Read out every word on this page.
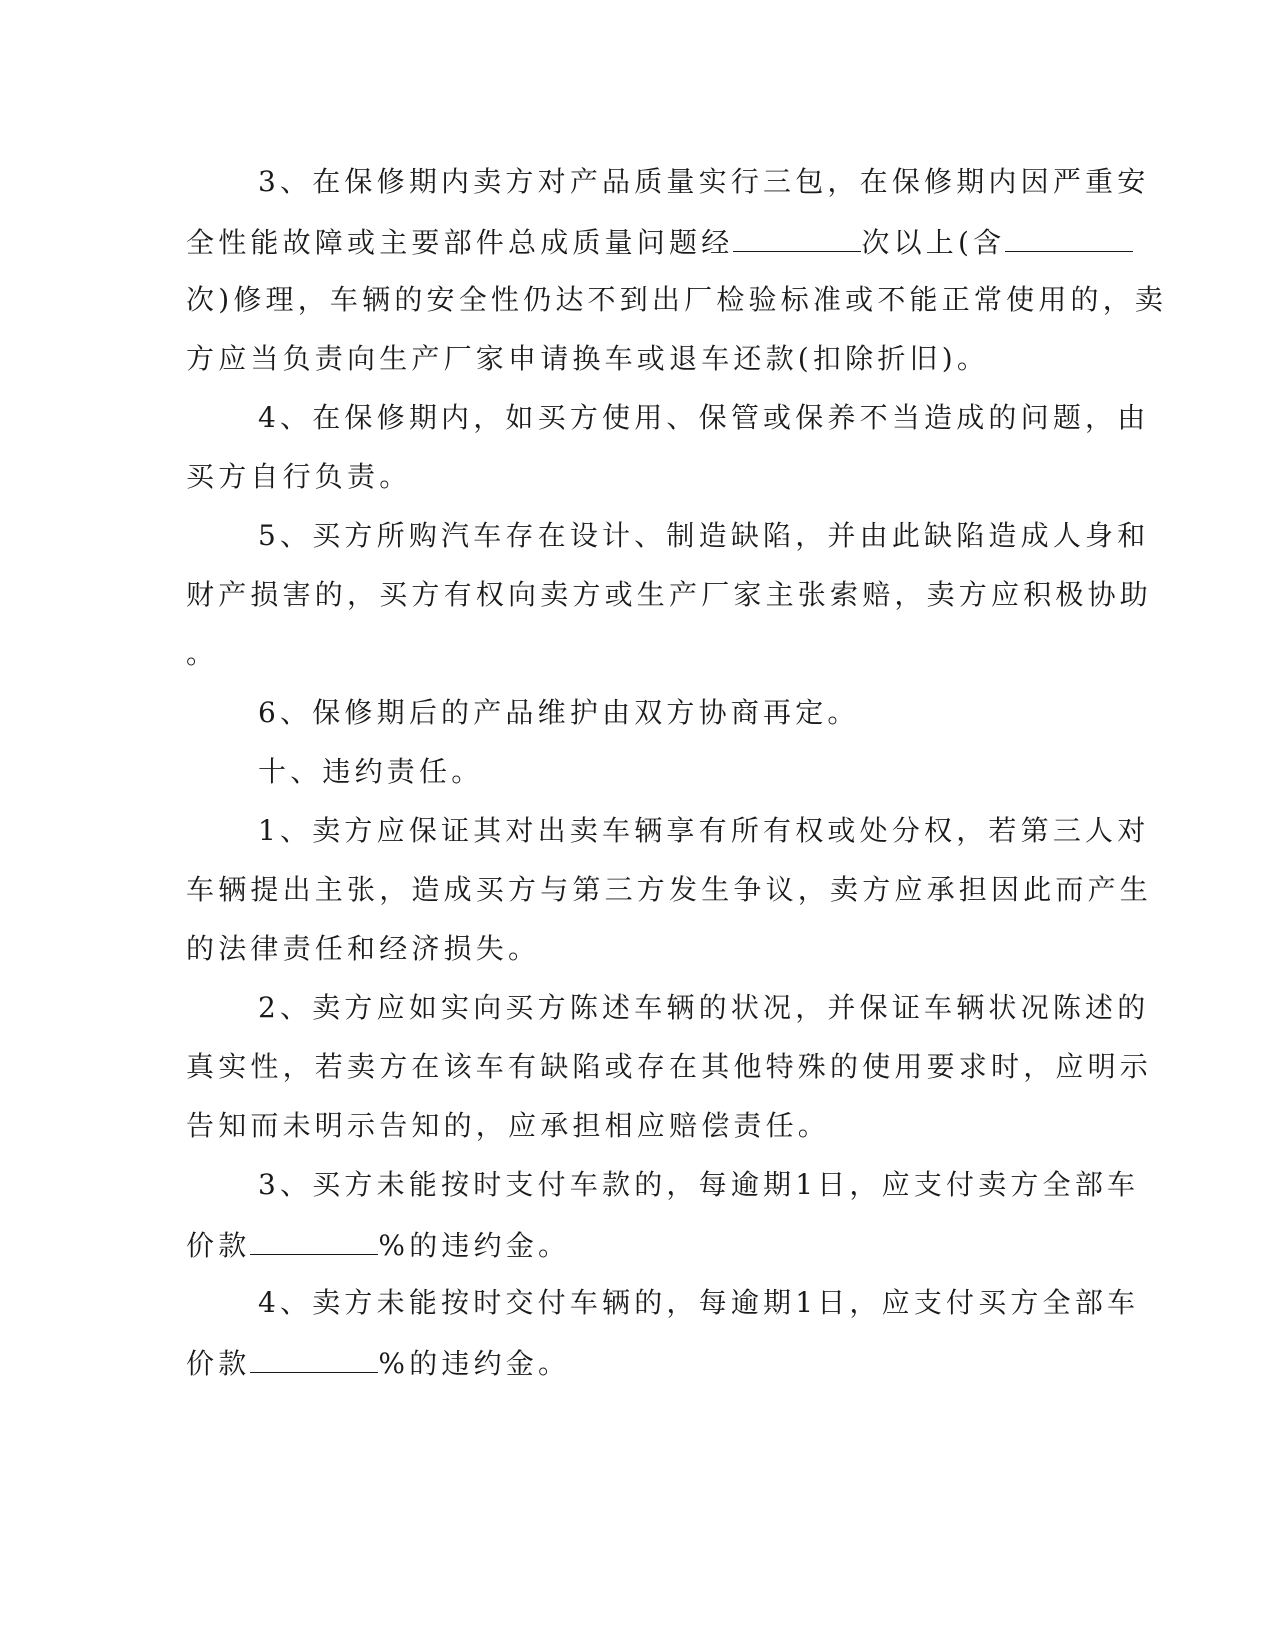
3、在保修期内卖方对产品质量实行三包，在保修期内因严重安
全性能故障或主要部件总成质量问题经	次以上(含
次)修理，车辆的安全性仍达不到出厂检验标准或不能正常使用的，卖
方应当负责向生产厂家申请换车或退车还款(扣除折旧)。
4、在保修期内，如买方使用、保管或保养不当造成的问题，由
买方自行负责。
5、买方所购汽车存在设计、制造缺陷，并由此缺陷造成人身和
财产损害的，买方有权向卖方或生产厂家主张索赔，卖方应积极协助
。
6、保修期后的产品维护由双方协商再定。
十、违约责任。
1、卖方应保证其对出卖车辆享有所有权或处分权，若第三人对
车辆提出主张，造成买方与第三方发生争议，卖方应承担因此而产生
的法律责任和经济损失。
2、卖方应如实向买方陈述车辆的状况，并保证车辆状况陈述的
真实性，若卖方在该车有缺陷或存在其他特殊的使用要求时，应明示
告知而未明示告知的，应承担相应赔偿责任。
3、买方未能按时支付车款的，每逾期1日，应支付卖方全部车
价款	%的违约金。
4、卖方未能按时交付车辆的，每逾期1日，应支付买方全部车
价款	%的违约金。
